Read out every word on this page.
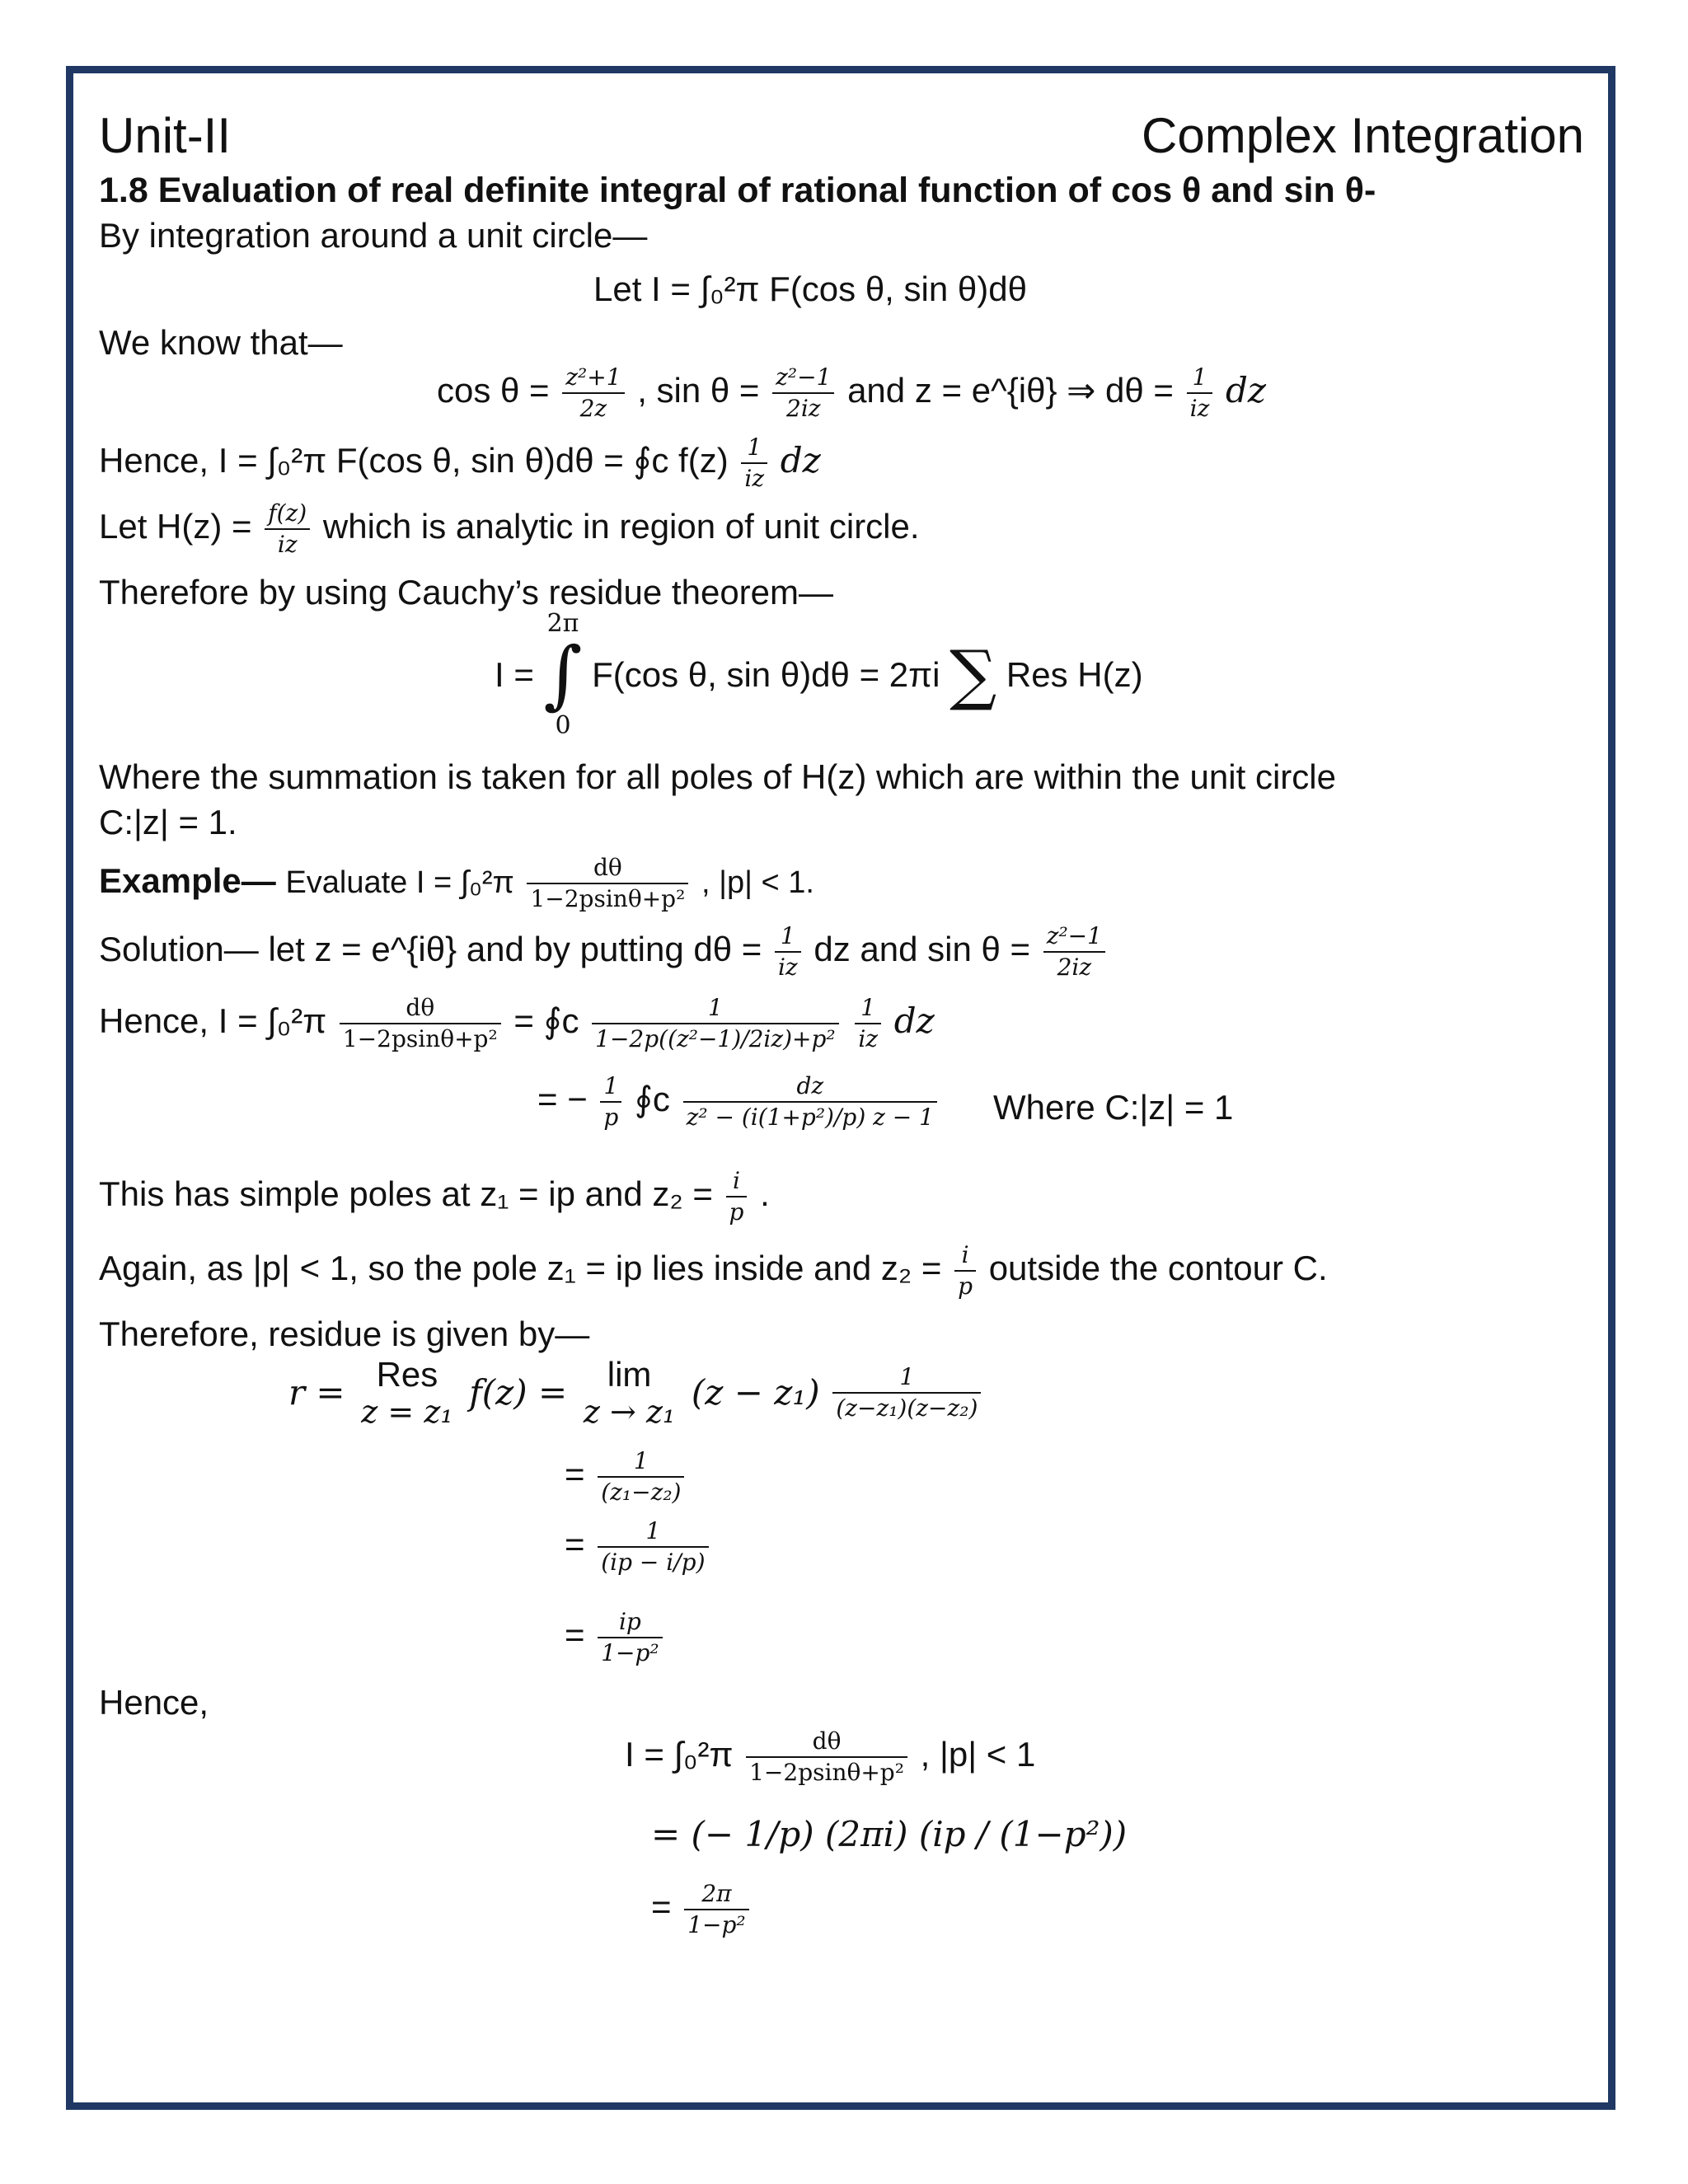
Unit-II	Complex Integration
1.8 Evaluation of real definite integral of rational function of cos θ and sin θ-
By integration around a unit circle—
Let I = ∫₀²π F(cos θ, sin θ)dθ
We know that—
$\cos \theta = \frac{\text{z²+1}}{2z}$ , $\sin \theta = \frac{\text{z²−1}}{2iz}$ and z = e^{iθ} ⇒ $d\theta = \frac{1}{iz}$ dz
Hence, I = ∫₀²π F(cos θ, sin θ)dθ = ∮c $f(z) \frac{1}{iz}$ dz
Let $H(z) = \frac{f(z)}{iz}$ which is analytic in region of unit circle.
Therefore by using Cauchy’s residue theorem—
I =
2π
∫
0
F(cos θ, sin θ)dθ = 2πi ∑ Res H(z)
Where the summation is taken for all poles of H(z) which are within the unit circle
C:|z| = 1.
Example— Evaluate $I = \int_0^2\pi \frac{d\theta}{\text{1−2psinθ+p²}}$ , |p| < 1.
Solution— let z = e^{iθ} and by putting $d\theta = \frac{1}{iz}$ dz and $\sin \theta = \frac{\text{z²−1}}{2iz}$
Hence, $I = \int_0^2\pi \frac{d\theta}{\text{1−2psinθ+p²}}$ = ∮c $\frac{1}{\text{1−2p((z²−1)/2iz)+p²}}$
$\frac{1}{iz}$ dz
= − $\frac{1}{p}$ ∮c $\frac{dz}{\text{z² − (i(1+p²)/p) z − 1}}$ Where C:|z| = 1
This has simple poles at z₁ = ip and $z_2 = \frac{i}{p}$ .
Again, as |p| < 1, so the pole z₁ = ip lies inside and $z_2 = \frac{i}{p}$ outside the contour C.
Therefore, residue is given by—
r = Res
z = z₁ f(z) =	lim
z → z₁ $(z - z_1) \frac{1}{\text{(z−z₁)(z−z₂)}}$
= $\frac{1}{\text{(z₁−z₂)}}$
= $\frac{1}{(ip - i/p)}$
= $\frac{ip}{\text{1−p²}}$
Hence,
$I = \int_0^2\pi \frac{d\theta}{\text{1−2psinθ+p²}}$ , |p| < 1
= (− 1/p) (2πi) (ip / (1−p²))
= $\frac{2\pi}{\text{1−p²}}$
